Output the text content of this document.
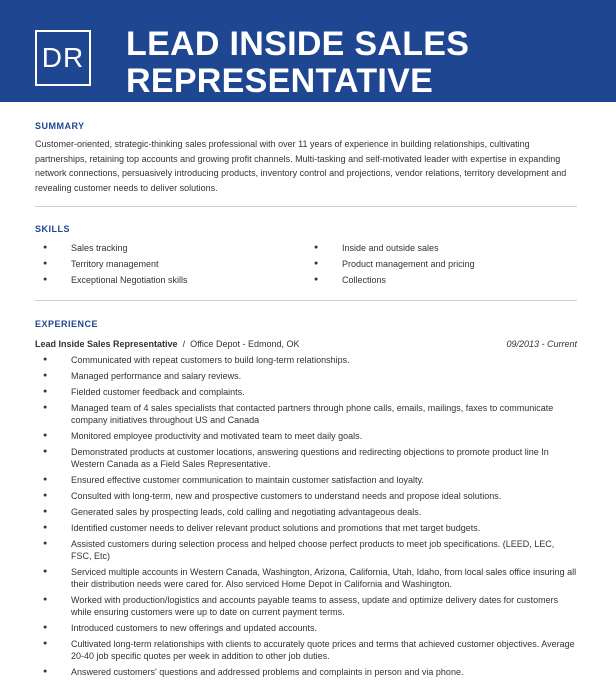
DR LEAD INSIDE SALES
REPRESENTATIVE
SUMMARY
Customer-oriented, strategic-thinking sales professional with over 11 years of experience in building relationships, cultivating partnerships, retaining top accounts and growing profit channels. Multi-tasking and self-motivated leader with expertise in expanding network connections, persuasively introducing products, inventory control and projections, vendor relations, territory development and revealing customer needs to deliver solutions.
SKILLS
●	Sales tracking
●	Territory management
●	Exceptional Negotiation skills
●	Inside and outside sales
●	Product management and pricing
●	Collections
EXPERIENCE
Lead Inside Sales Representative / Office Depot - Edmond, OK	09/2013 - Current
●	Communicated with repeat customers to build long-term relationships.
●	Managed performance and salary reviews.
●	Fielded customer feedback and complaints.
●	Managed team of 4 sales specialists that contacted partners through phone calls, emails, mailings, faxes to communicate company initiatives throughout US and Canada
●	Monitored employee productivity and motivated team to meet daily goals.
●	Demonstrated products at customer locations, answering questions and redirecting objections to promote product line In Western Canada as a Field Sales Representative.
●	Ensured effective customer communication to maintain customer satisfaction and loyalty.
●	Consulted with long-term, new and prospective customers to understand needs and propose ideal solutions.
●	Generated sales by prospecting leads, cold calling and negotiating advantageous deals.
●	Identified customer needs to deliver relevant product solutions and promotions that met target budgets.
●	Assisted customers during selection process and helped choose perfect products to meet job specifications. (LEED, LEC, FSC, Etc)
●	Serviced multiple accounts in Western Canada, Washington, Arizona, California, Utah, Idaho, from local sales office insuring all their distribution needs were cared for. Also serviced Home Depot in California and Washington.
●	Worked with production/logistics and accounts payable teams to assess, update and optimize delivery dates for customers while ensuring customers were up to date on current payment terms.
●	Introduced customers to new offerings and updated accounts.
●	Cultivated long-term relationships with clients to accurately quote prices and terms that achieved customer objectives. Average 20-40 job specific quotes per week in addition to other job duties.
●	Answered customers' questions and addressed problems and complaints in person and via phone.
